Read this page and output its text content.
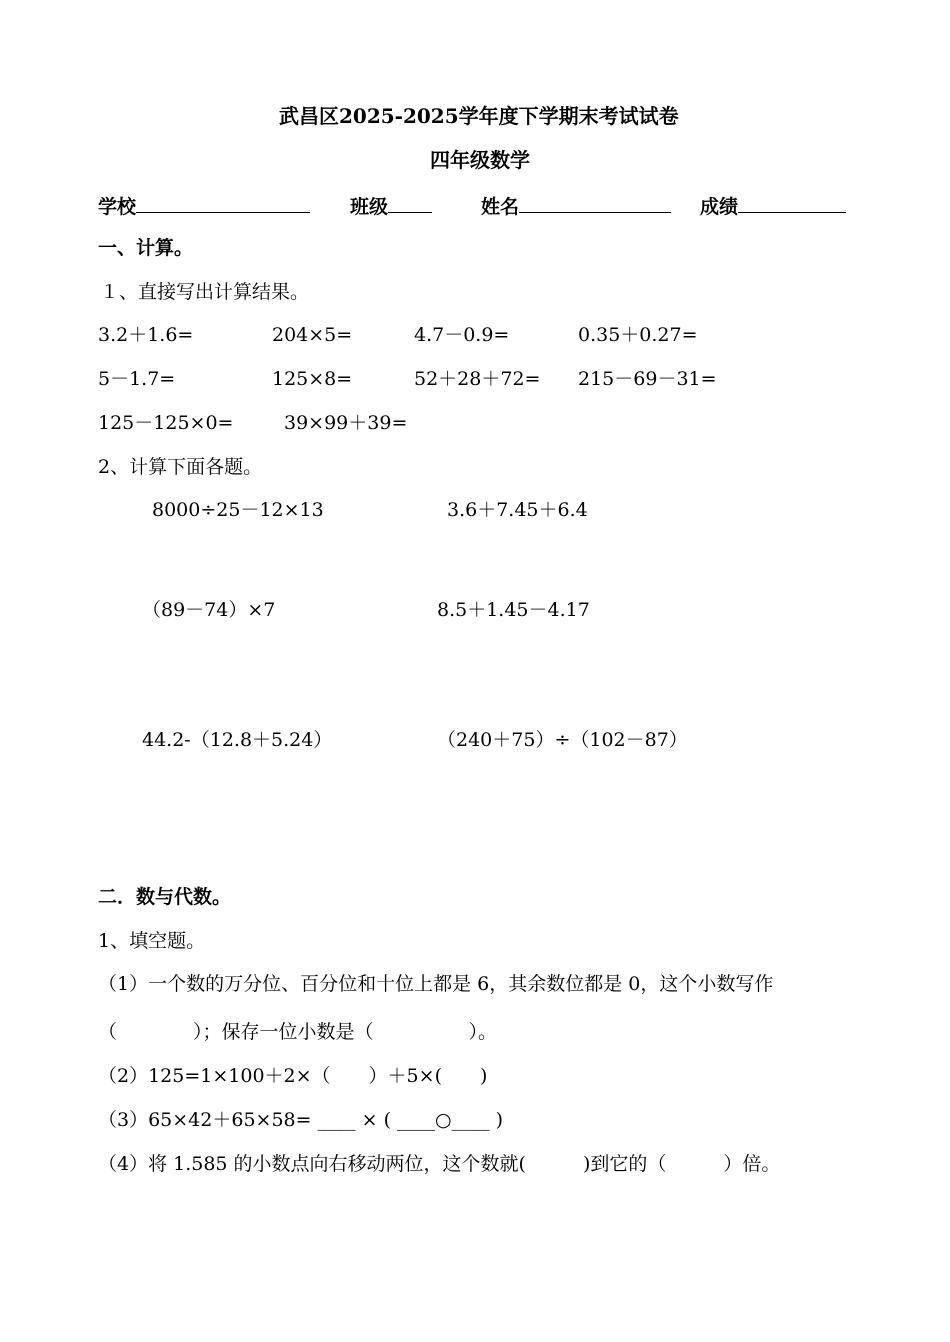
武昌区2025-2025学年度下学期末考试试卷
四年级数学
学校	班级	姓名	成绩
一、计算。
１、直接写出计算结果。
3.2＋1.6=	204×5=	4.7－0.9=	0.35＋0.27=
5－1.7=	125×8=	52＋28＋72= 215－69－31=
125－125×0=	39×99＋39=
2、计算下面各题。
8000÷25－12×13	3.6＋7.45＋6.4
（89－74）×7	8.5＋1.45－4.17
44.2-（12.8＋5.24）	（240＋75）÷（102－87）
二．数与代数。
1、填空题。
（1）一个数的万分位、百分位和十位上都是 6，其余数位都是 0，这个小数写作
（　　　　）；保存一位小数是（　　　　　）。
（2）125=1×100＋2×（　　）＋5×(　　)
（3）65×42＋65×58= ____ × ( ____○____ )
（4）将 1.585 的小数点向右移动两位，这个数就(　　　)到它的（　　　）倍。
